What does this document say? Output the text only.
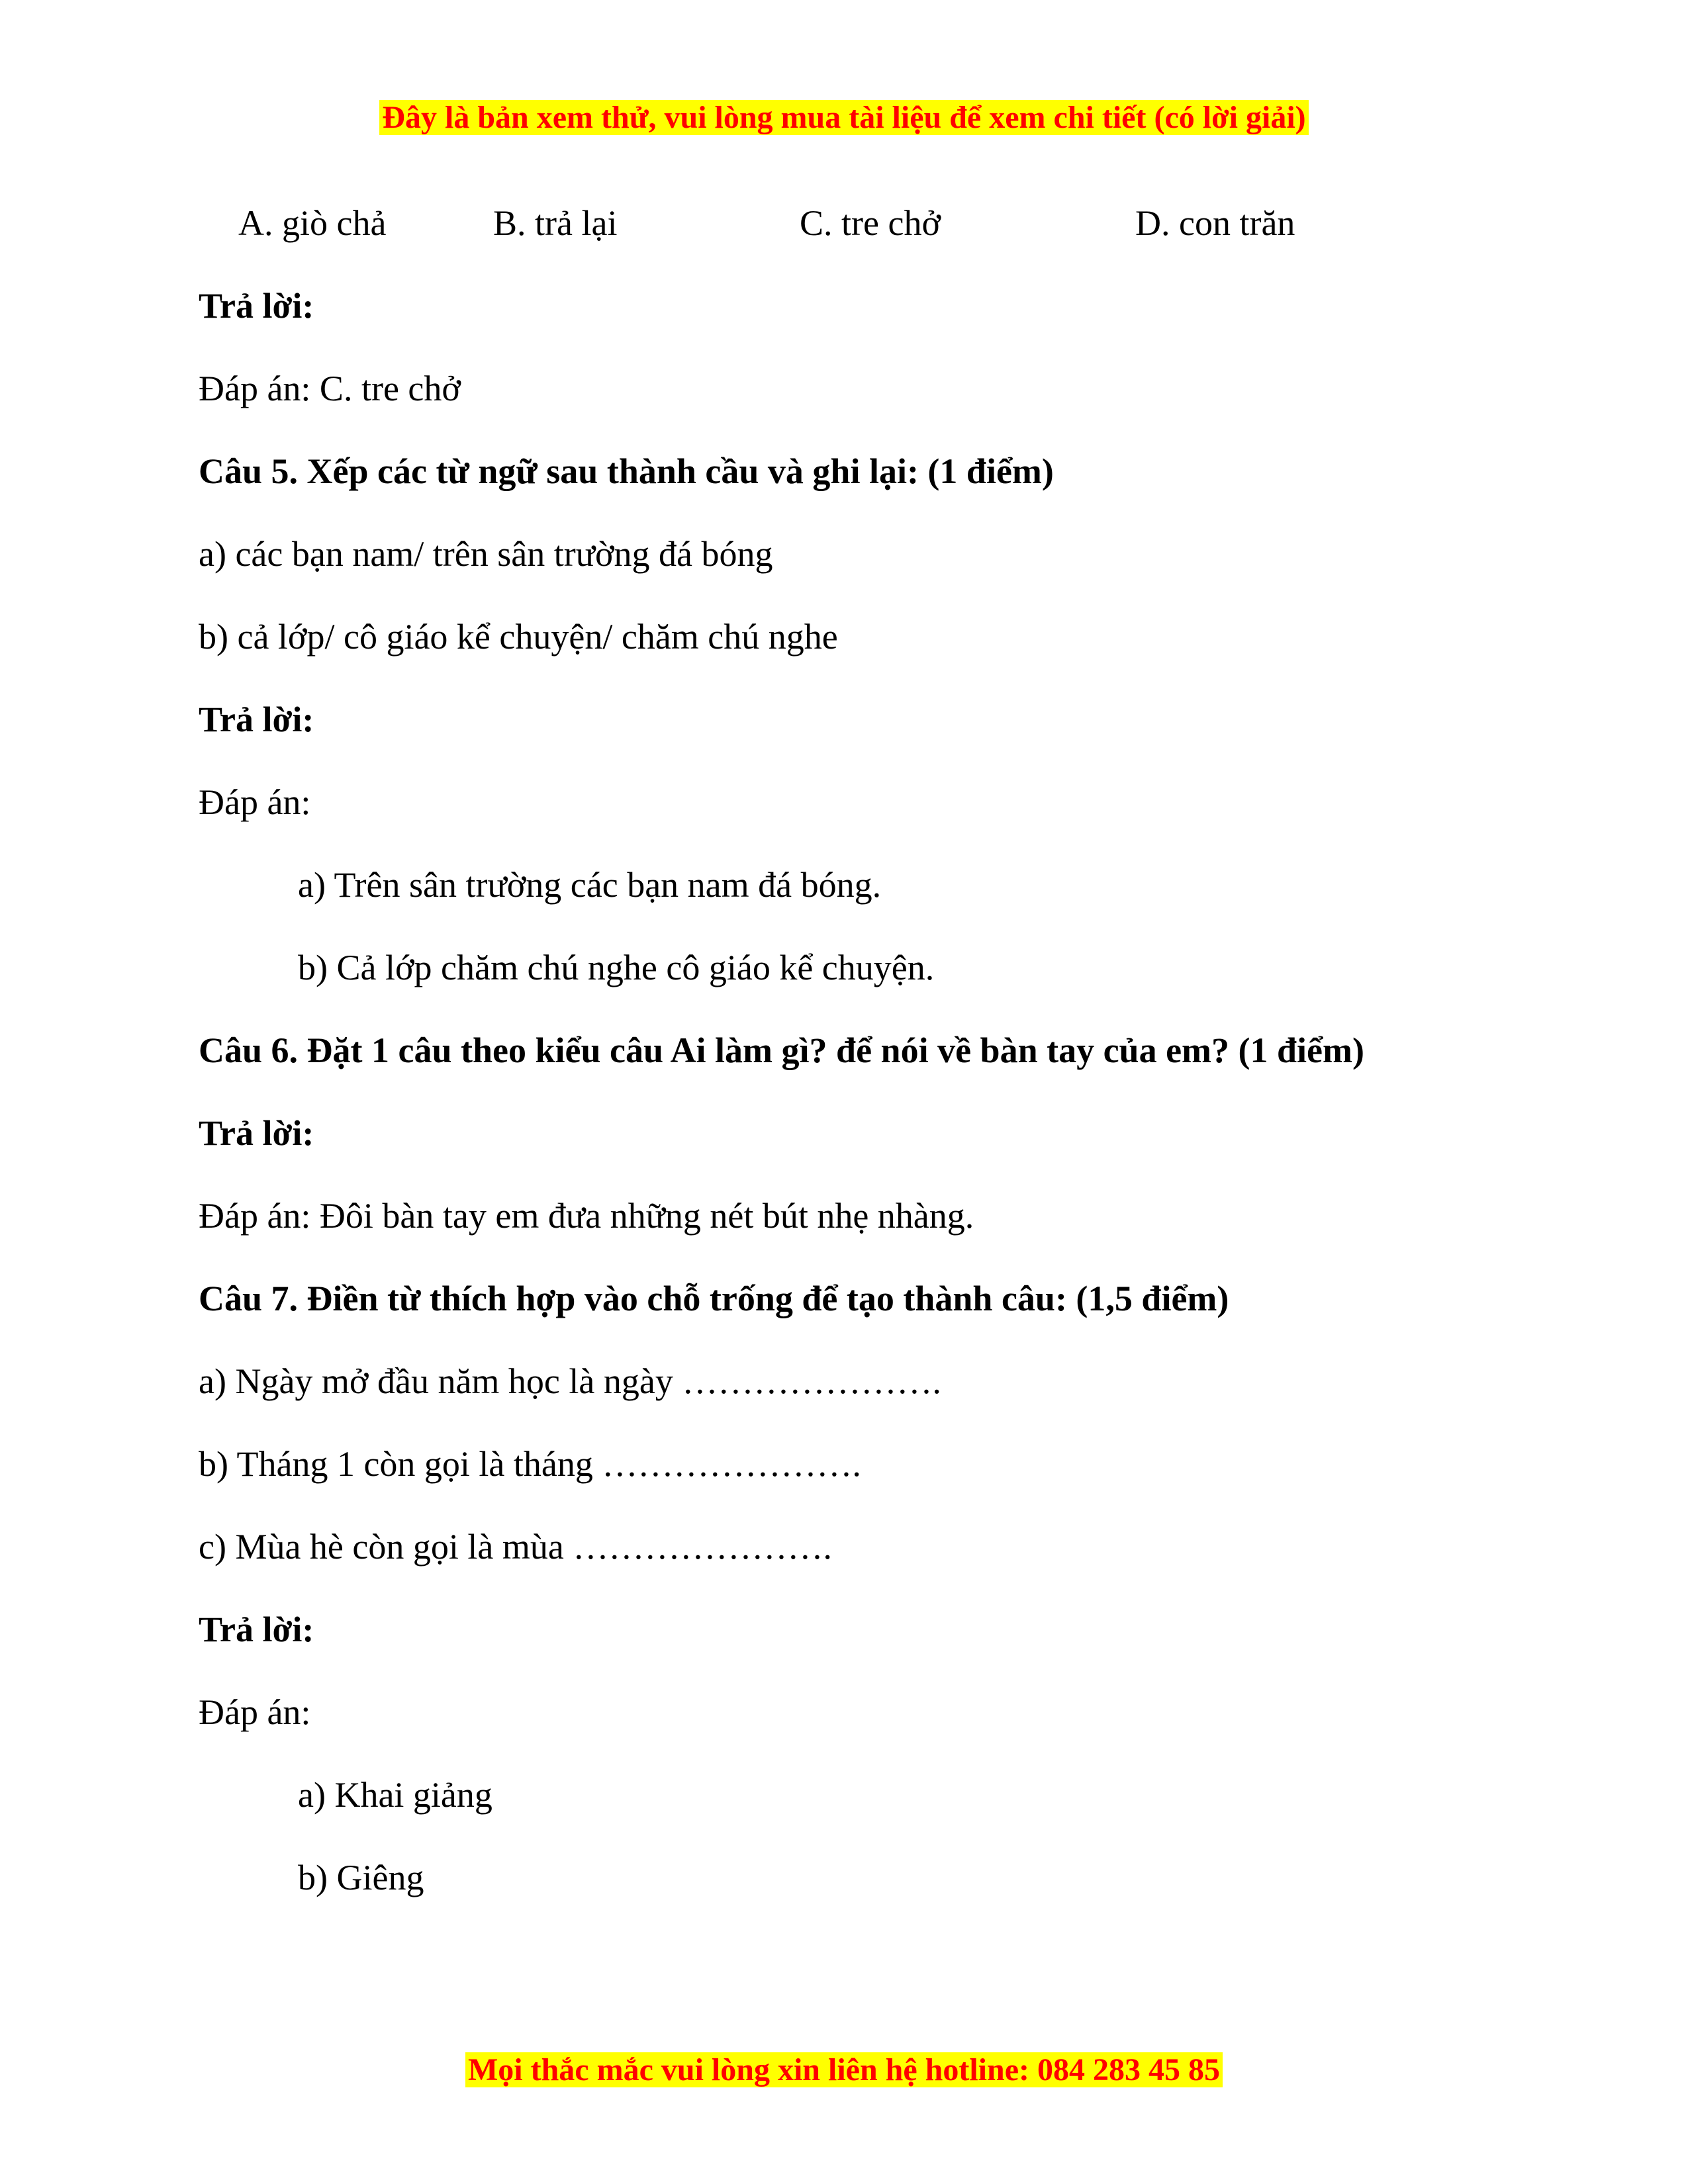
Đây là bản xem thử, vui lòng mua tài liệu để xem chi tiết (có lời giải)
A. giò chả	B. trả lại	C. tre chở	D. con trăn
Trả lời:
Đáp án: C. tre chở
Câu 5. Xếp các từ ngữ sau thành cầu và ghi lại: (1 điểm)
a) các bạn nam/ trên sân trường đá bóng
b) cả lớp/ cô giáo kể chuyện/ chăm chú nghe
Trả lời:
Đáp án:
a) Trên sân trường các bạn nam đá bóng.
b) Cả lớp chăm chú nghe cô giáo kể chuyện.
Câu 6. Đặt 1 câu theo kiểu câu Ai làm gì? để nói về bàn tay của em? (1 điểm)
Trả lời:
Đáp án: Đôi bàn tay em đưa những nét bút nhẹ nhàng.
Câu 7. Điền từ thích hợp vào chỗ trống để tạo thành câu: (1,5 điểm)
a) Ngày mở đầu năm học là ngày ………………….
b) Tháng 1 còn gọi là tháng ………………….
c) Mùa hè còn gọi là mùa ………………….
Trả lời:
Đáp án:
a) Khai giảng
b) Giêng
Mọi thắc mắc vui lòng xin liên hệ hotline: 084 283 45 85
